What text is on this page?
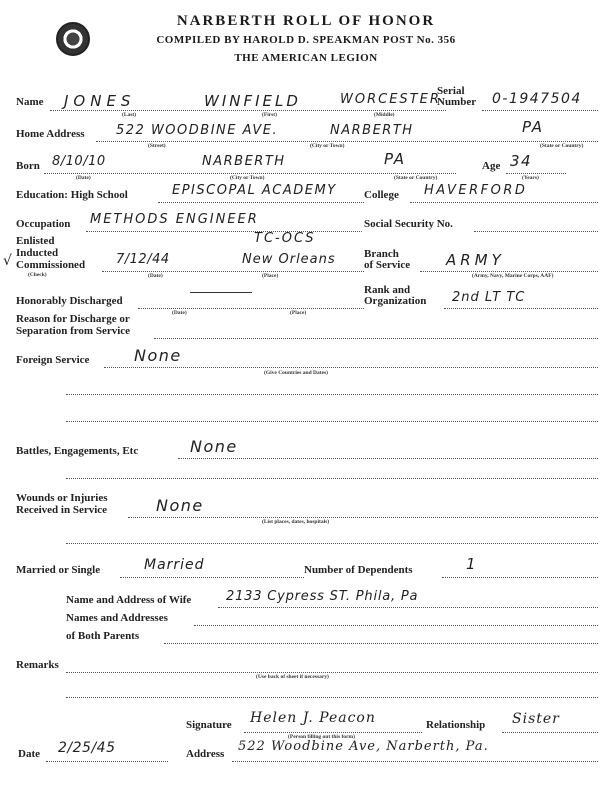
NARBERTH ROLL OF HONOR
COMPILED BY HAROLD D. SPEAKMAN POST No. 356
THE AMERICAN LEGION
Name JONES	WINFIELD	WORCESTER
(Last)	(First)	(Middle)
Serial
Number 0-1947504
Home Address 522 WOODBINE AVE.	NARBERTH	PA
(Street)	(City or Town)	(State or Country)
Born 8/10/10	NARBERTH	PA
(Date)	(City or Town)	(State or Country)
Age 34
(Years)
Education: High School	EPISCOPAL ACADEMY College HAVERFORD
Occupation METHODS ENGINEER	Social Security No.
Enlisted
Inducted
Commissioned
√
(Check)
TC-OCS
7/12/44	New Orleans
(Date)	(Place)
Branch
of Service ARMY
(Army, Navy, Marine Corps, AAF)
Honorably Discharged
(Date)	(Place)
Rank and
Organization 2nd LT TC
Reason for Discharge or
Separation from Service
Foreign Service	None
(Give Countries and Dates)
Battles, Engagements, Etc	None
Wounds or Injuries
Received in Service	None
(List places, dates, hospitals)
Married or Single	Married	Number of Dependents	1
Name and Address of Wife	2133 Cypress ST. Phila, Pa
Names and Addresses
of Both Parents
Remarks
(Use back of sheet if necessary)
Signature Helen J. Peacon
(Person filling out this form)
Relationship Sister
Date 2/25/45	Address 522 Woodbine Ave, Narberth, Pa.
